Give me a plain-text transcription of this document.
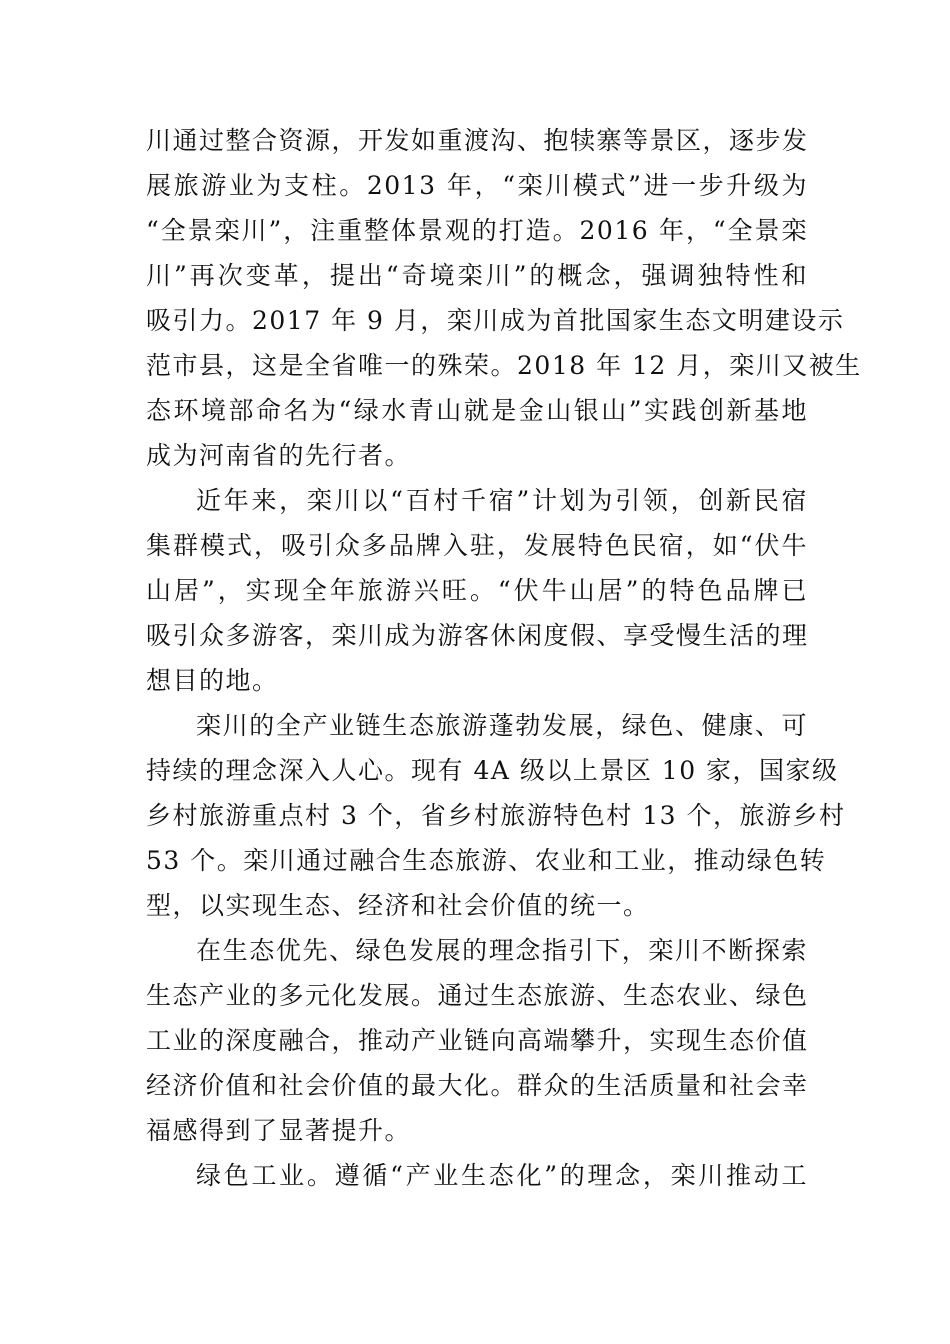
川通过整合资源，开发如重渡沟、抱犊寨等景区，逐步发
展旅游业为支柱。2013 年，“栾川模式”进一步升级为
“全景栾川”，注重整体景观的打造。2016 年，“全景栾
川”再次变革，提出“奇境栾川”的概念，强调独特性和
吸引力。2017 年 9 月，栾川成为首批国家生态文明建设示
范市县，这是全省唯一的殊荣。2018 年 12 月，栾川又被生
态环境部命名为“绿水青山就是金山银山”实践创新基地
成为河南省的先行者。
近年来，栾川以“百村千宿”计划为引领，创新民宿
集群模式，吸引众多品牌入驻，发展特色民宿，如“伏牛
山居”，实现全年旅游兴旺。“伏牛山居”的特色品牌已
吸引众多游客，栾川成为游客休闲度假、享受慢生活的理
想目的地。
栾川的全产业链生态旅游蓬勃发展，绿色、健康、可
持续的理念深入人心。现有 4A 级以上景区 10 家，国家级
乡村旅游重点村 3 个，省乡村旅游特色村 13 个，旅游乡村
53 个。栾川通过融合生态旅游、农业和工业，推动绿色转
型，以实现生态、经济和社会价值的统一。
在生态优先、绿色发展的理念指引下，栾川不断探索
生态产业的多元化发展。通过生态旅游、生态农业、绿色
工业的深度融合，推动产业链向高端攀升，实现生态价值
经济价值和社会价值的最大化。群众的生活质量和社会幸
福感得到了显著提升。
绿色工业。遵循“产业生态化”的理念，栾川推动工
